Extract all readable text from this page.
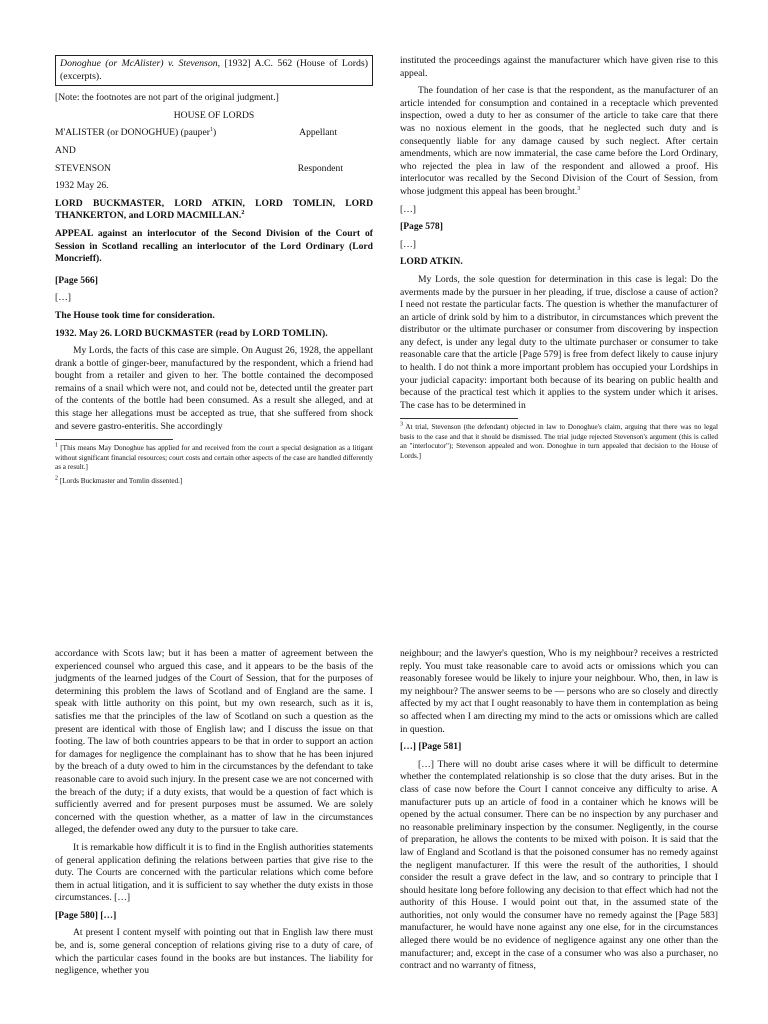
Donoghue (or McAlister) v. Stevenson, [1932] A.C. 562 (House of Lords) (excerpts).

[Note: the footnotes are not part of the original judgment.]

HOUSE OF LORDS

M'ALISTER (or DONOGHUE) (pauper$^1$)	Appellant

AND

STEVENSON	Respondent

1932 May 26.

LORD BUCKMASTER, LORD ATKIN, LORD TOMLIN, LORD THANKERTON, and LORD MACMILLAN.$^2$

APPEAL against an interlocutor of the Second Division of the Court of Session in Scotland recalling an interlocutor of the Lord Ordinary (Lord Moncrieff).

[Page 566]

[…]

The House took time for consideration.

1932. May 26. LORD BUCKMASTER (read by LORD TOMLIN).

My Lords, the facts of this case are simple. On August 26, 1928, the appellant drank a bottle of ginger-beer, manufactured by the respondent, which a friend had bought from a retailer and given to her. The bottle contained the decomposed remains of a snail which were not, and could not be, detected until the greater part of the contents of the bottle had been consumed. As a result she alleged, and at this stage her allegations must be accepted as true, that she suffered from shock and severe gastro-enteritis. She accordingly

$^1$ [This means May Donoghue has applied for and received from the court a special designation as a litigant without significant financial resources; court costs and certain other aspects of the case are handled differently as a result.]

$^2$ [Lords Buckmaster and Tomlin dissented.]

instituted the proceedings against the manufacturer which have given rise to this appeal.

The foundation of her case is that the respondent, as the manufacturer of an article intended for consumption and contained in a receptacle which prevented inspection, owed a duty to her as consumer of the article to take care that there was no noxious element in the goods, that he neglected such duty and is consequently liable for any damage caused by such neglect. After certain amendments, which are now immaterial, the case came before the Lord Ordinary, who rejected the plea in law of the respondent and allowed a proof. His interlocutor was recalled by the Second Division of the Court of Session, from whose judgment this appeal has been brought.$^3$

[…]

[Page 578]

[…]

LORD ATKIN.

My Lords, the sole question for determination in this case is legal: Do the averments made by the pursuer in her pleading, if true, disclose a cause of action? I need not restate the particular facts. The question is whether the manufacturer of an article of drink sold by him to a distributor, in circumstances which prevent the distributor or the ultimate purchaser or consumer from discovering by inspection any defect, is under any legal duty to the ultimate purchaser or consumer to take reasonable care that the article [Page 579] is free from defect likely to cause injury to health. I do not think a more important problem has occupied your Lordships in your judicial capacity: important both because of its bearing on public health and because of the practical test which it applies to the system under which it arises. The case has to be determined in

$^3$ At trial, Stevenson (the defendant) objected in law to Donoghue's claim, arguing that there was no legal basis to the case and that it should be dismissed. The trial judge rejected Stevenson's argument (this is called an "interlocutor"); Stevenson appealed and won. Donoghue in turn appealed that decision to the House of Lords.]

accordance with Scots law; but it has been a matter of agreement between the experienced counsel who argued this case, and it appears to be the basis of the judgments of the learned judges of the Court of Session, that for the purposes of determining this problem the laws of Scotland and of England are the same. I speak with little authority on this point, but my own research, such as it is, satisfies me that the principles of the law of Scotland on such a question as the present are identical with those of English law; and I discuss the issue on that footing. The law of both countries appears to be that in order to support an action for damages for negligence the complainant has to show that he has been injured by the breach of a duty owed to him in the circumstances by the defendant to take reasonable care to avoid such injury. In the present case we are not concerned with the breach of the duty; if a duty exists, that would be a question of fact which is sufficiently averred and for present purposes must be assumed. We are solely concerned with the question whether, as a matter of law in the circumstances alleged, the defender owed any duty to the pursuer to take care.

It is remarkable how difficult it is to find in the English authorities statements of general application defining the relations between parties that give rise to the duty. The Courts are concerned with the particular relations which come before them in actual litigation, and it is sufficient to say whether the duty exists in those circumstances. […]

[Page 580] […]

At present I content myself with pointing out that in English law there must be, and is, some general conception of relations giving rise to a duty of care, of which the particular cases found in the books are but instances. The liability for negligence, whether you

neighbour; and the lawyer's question, Who is my neighbour? receives a restricted reply. You must take reasonable care to avoid acts or omissions which you can reasonably foresee would be likely to injure your neighbour. Who, then, in law is my neighbour? The answer seems to be — persons who are so closely and directly affected by my act that I ought reasonably to have them in contemplation as being so affected when I am directing my mind to the acts or omissions which are called in question.

[…] [Page 581]

[…] There will no doubt arise cases where it will be difficult to determine whether the contemplated relationship is so close that the duty arises. But in the class of case now before the Court I cannot conceive any difficulty to arise. A manufacturer puts up an article of food in a container which he knows will be opened by the actual consumer. There can be no inspection by any purchaser and no reasonable preliminary inspection by the consumer. Negligently, in the course of preparation, he allows the contents to be mixed with poison. It is said that the law of England and Scotland is that the poisoned consumer has no remedy against the negligent manufacturer. If this were the result of the authorities, I should consider the result a grave defect in the law, and so contrary to principle that I should hesitate long before following any decision to that effect which had not the authority of this House. I would point out that, in the assumed state of the authorities, not only would the consumer have no remedy against the [Page 583] manufacturer, he would have none against any one else, for in the circumstances alleged there would be no evidence of negligence against any one other than the manufacturer; and, except in the case of a consumer who was also a purchaser, no contract and no warranty of fitness,
